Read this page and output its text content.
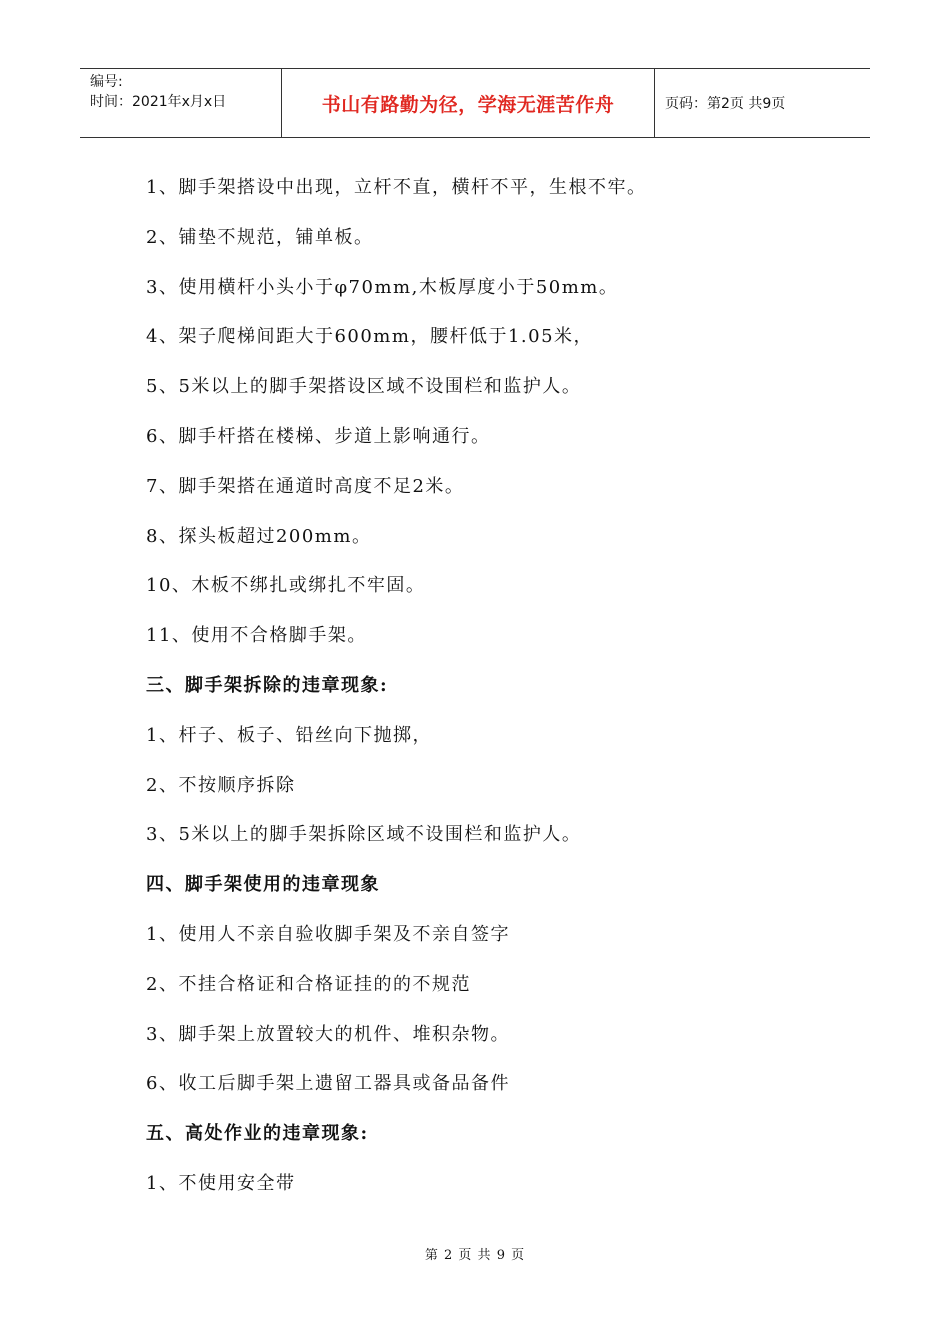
编号:
时间：2021年x月x日	书山有路勤为径，学海无涯苦作舟	页码：第2页 共9页
1、脚手架搭设中出现，立杆不直，横杆不平，生根不牢。
2、铺垫不规范，铺单板。
3、使用横杆小头小于φ70mm,木板厚度小于50mm。
4、架子爬梯间距大于600mm，腰杆低于1.05米，
5、5米以上的脚手架搭设区域不设围栏和监护人。
6、脚手杆搭在楼梯、步道上影响通行。
7、脚手架搭在通道时高度不足2米。
8、探头板超过200mm。
10、木板不绑扎或绑扎不牢固。
11、使用不合格脚手架。
三、脚手架拆除的违章现象:
1、杆子、板子、铅丝向下抛掷，
2、不按顺序拆除
3、5米以上的脚手架拆除区域不设围栏和监护人。
四、脚手架使用的违章现象
1、使用人不亲自验收脚手架及不亲自签字
2、不挂合格证和合格证挂的的不规范
3、脚手架上放置较大的机件、堆积杂物。
6、收工后脚手架上遗留工器具或备品备件
五、高处作业的违章现象:
1、不使用安全带
第 2 页 共 9 页
